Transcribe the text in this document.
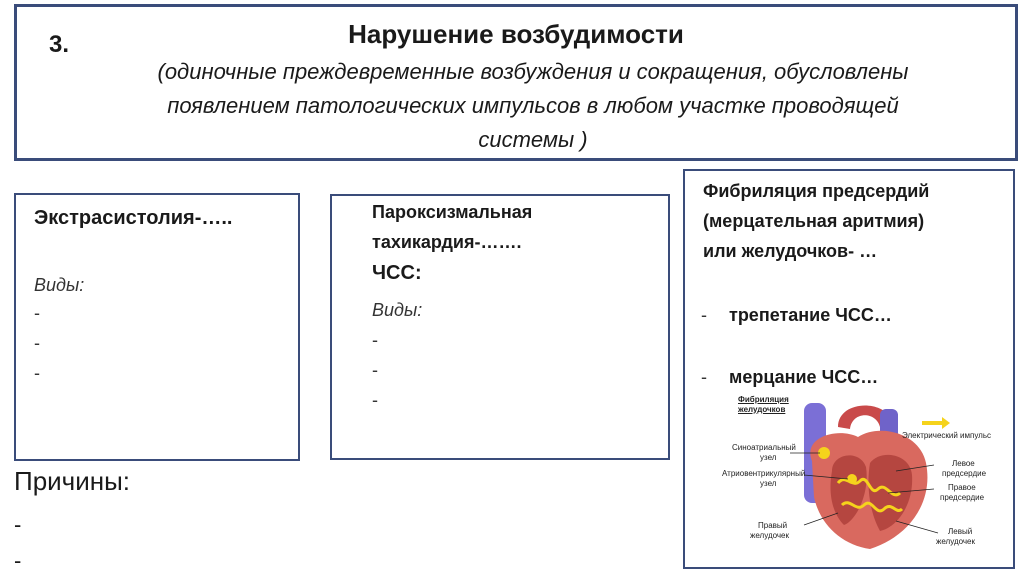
3.	Нарушение возбудимости
(одиночные преждевременные возбуждения и сокращения, обусловлены
появлением патологических импульсов в любом участке проводящей
системы )
Экстрасистолия-…..
Виды:
-
-
-
Пароксизмальная
тахикардия-…….
ЧСС:
Виды:
-
-
-
Фибриляция предсердий
(мерцательная аритмия)
или желудочков- …
- трепетание ЧСС…
- мерцание ЧСС…
Фибриляция
желудочков
Электрический импульс
Синоатриальный
узел
Атриовентрикулярный
узел
Левое
предсердие
Правое
предсердие
Правый
желудочек	Левый
желудочек
Причины:
-
-
